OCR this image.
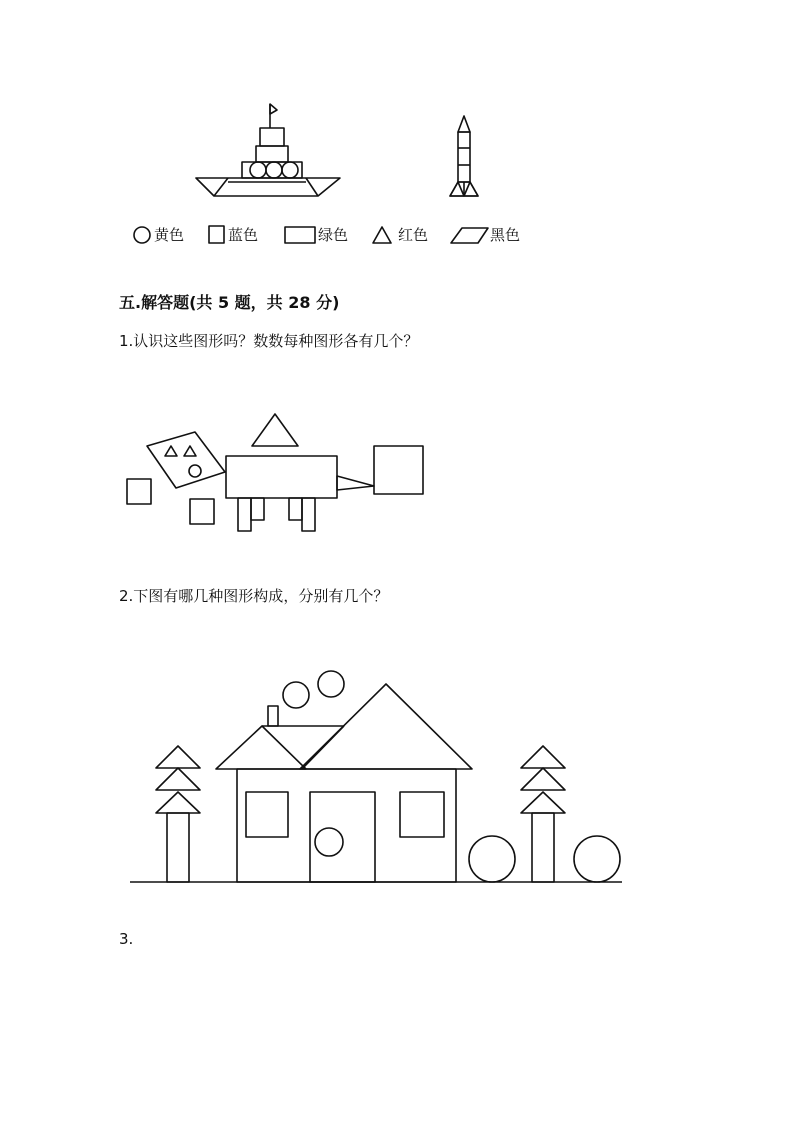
黄色	蓝色	绿色	红色	黑色
五.解答题(共 5 题，共 28 分)
1.认识这些图形吗？数数每种图形各有几个？
2.下图有哪几种图形构成，分别有几个？
3.
